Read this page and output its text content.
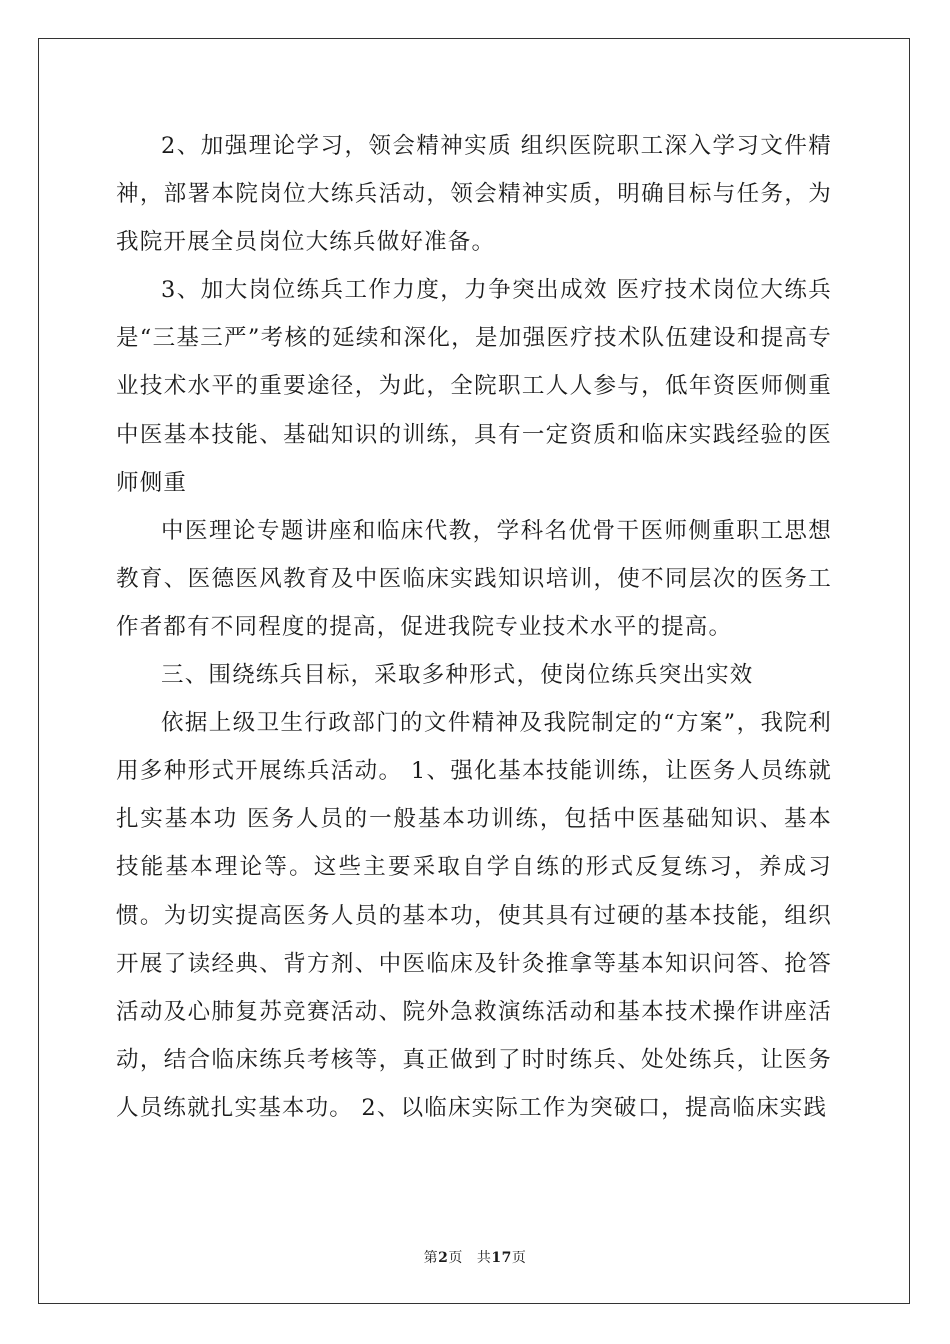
2、加强理论学习，领会精神实质 组织医院职工深入学习文件精神，部署本院岗位大练兵活动，领会精神实质，明确目标与任务，为我院开展全员岗位大练兵做好准备。

3、加大岗位练兵工作力度，力争突出成效 医疗技术岗位大练兵是“三基三严”考核的延续和深化，是加强医疗技术队伍建设和提高专业技术水平的重要途径，为此，全院职工人人参与，低年资医师侧重中医基本技能、基础知识的训练，具有一定资质和临床实践经验的医师侧重

中医理论专题讲座和临床代教，学科名优骨干医师侧重职工思想教育、医德医风教育及中医临床实践知识培训，使不同层次的医务工作者都有不同程度的提高，促进我院专业技术水平的提高。

三、围绕练兵目标，采取多种形式，使岗位练兵突出实效

依据上级卫生行政部门的文件精神及我院制定的“方案”，我院利用多种形式开展练兵活动。 1、强化基本技能训练，让医务人员练就扎实基本功 医务人员的一般基本功训练，包括中医基础知识、基本技能基本理论等。这些主要采取自学自练的形式反复练习，养成习惯。为切实提高医务人员的基本功，使其具有过硬的基本技能，组织开展了读经典、背方剂、中医临床及针灸推拿等基本知识问答、抢答活动及心肺复苏竞赛活动、院外急救演练活动和基本技术操作讲座活动，结合临床练兵考核等，真正做到了时时练兵、处处练兵，让医务人员练就扎实基本功。 2、以临床实际工作为突破口，提高临床实践

第2页 共17页
